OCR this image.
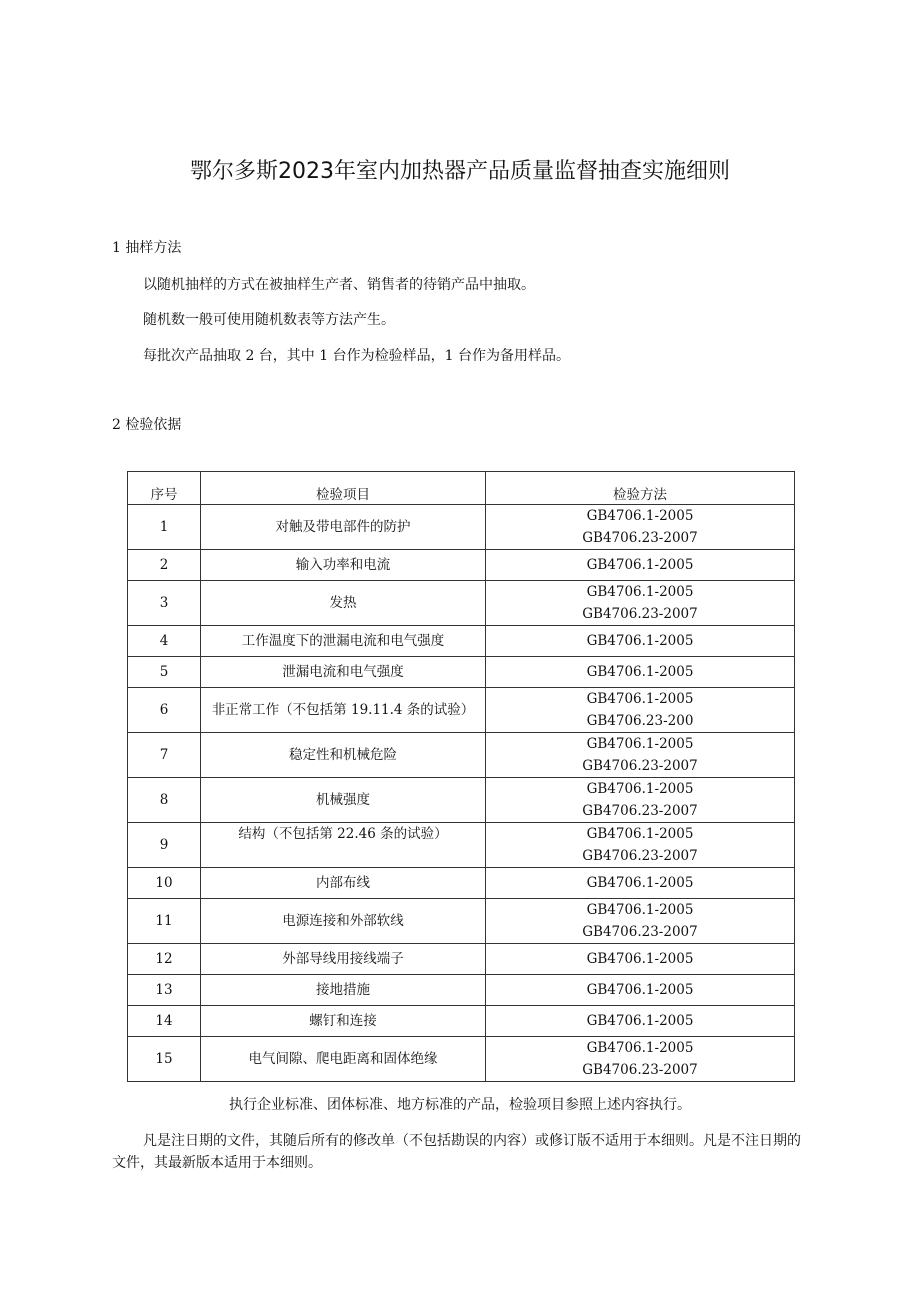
鄂尔多斯2023年室内加热器产品质量监督抽查实施细则
1 抽样方法
以随机抽样的方式在被抽样生产者、销售者的待销产品中抽取。
随机数一般可使用随机数表等方法产生。
每批次产品抽取 2 台，其中 1 台作为检验样品，1 台作为备用样品。
2 检验依据
序号	检验项目	检验方法
1	对触及带电部件的防护	GB4706.1-2005
GB4706.23-2007

2	输入功率和电流	GB4706.1-2005

3	发热	GB4706.1-2005
GB4706.23-2007

4	工作温度下的泄漏电流和电气强度	GB4706.1-2005

5	泄漏电流和电气强度	GB4706.1-2005

6	非正常工作（不包括第 19.11.4 条的试验）	GB4706.1-2005
GB4706.23-200

7	稳定性和机械危险	GB4706.1-2005
GB4706.23-2007

8	机械强度	GB4706.1-2005
GB4706.23-2007

9	结构（不包括第 22.46 条的试验）	GB4706.1-2005
GB4706.23-2007

10	内部布线	GB4706.1-2005

11	电源连接和外部软线	GB4706.1-2005
GB4706.23-2007

12	外部导线用接线端子	GB4706.1-2005

13	接地措施	GB4706.1-2005

14	螺钉和连接	GB4706.1-2005

15	电气间隙、爬电距离和固体绝缘	GB4706.1-2005
GB4706.23-2007
执行企业标准、团体标准、地方标准的产品，检验项目参照上述内容执行。
凡是注日期的文件，其随后所有的修改单（不包括勘误的内容）或修订版不适用于本细则。凡是不注日期的文件，其最新版本适用于本细则。
